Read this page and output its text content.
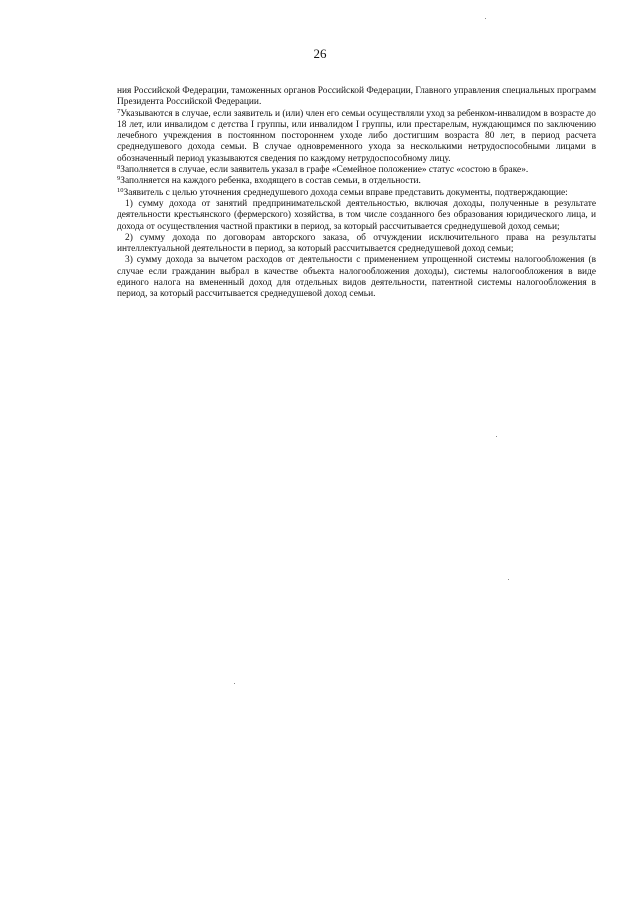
26

ния Российской Федерации, таможенных органов Российской Федерации, Главного управления специальных программ Президента Российской Федерации.

$^7$Указываются в случае, если заявитель и (или) член его семьи осуществляли уход за ребенком-инвалидом в возрасте до 18 лет, или инвалидом с детства I группы, или инвалидом I группы, или престарелым, нуждающимся по заключению лечебного учреждения в постоянном постороннем уходе либо достигшим возраста 80 лет, в период расчета среднедушевого дохода семьи. В случае одновременного ухода за несколькими нетрудоспособными лицами в обозначенный период указываются сведения по каждому нетрудоспособному лицу.

$^8$Заполняется в случае, если заявитель указал в графе «Семейное положение» статус «состою в браке».

$^9$Заполняется на каждого ребенка, входящего в состав семьи, в отдельности.

$^{10}$Заявитель с целью уточнения среднедушевого дохода семьи вправе представить документы, подтверждающие:

1) сумму дохода от занятий предпринимательской деятельностью, включая доходы, полученные в результате деятельности крестьянского (фермерского) хозяйства, в том числе созданного без образования юридического лица, и дохода от осуществления частной практики в период, за который рассчитывается среднедушевой доход семьи;

2) сумму дохода по договорам авторского заказа, об отчуждении исключительного права на результаты интеллектуальной деятельности в период, за который рассчитывается среднедушевой доход семьи;

3) сумму дохода за вычетом расходов от деятельности с применением упрощенной системы налогообложения (в случае если гражданин выбрал в качестве объекта налогообложения доходы), системы налогообложения в виде единого налога на вмененный доход для отдельных видов деятельности, патентной системы налогообложения в период, за который рассчитывается среднедушевой доход семьи.
